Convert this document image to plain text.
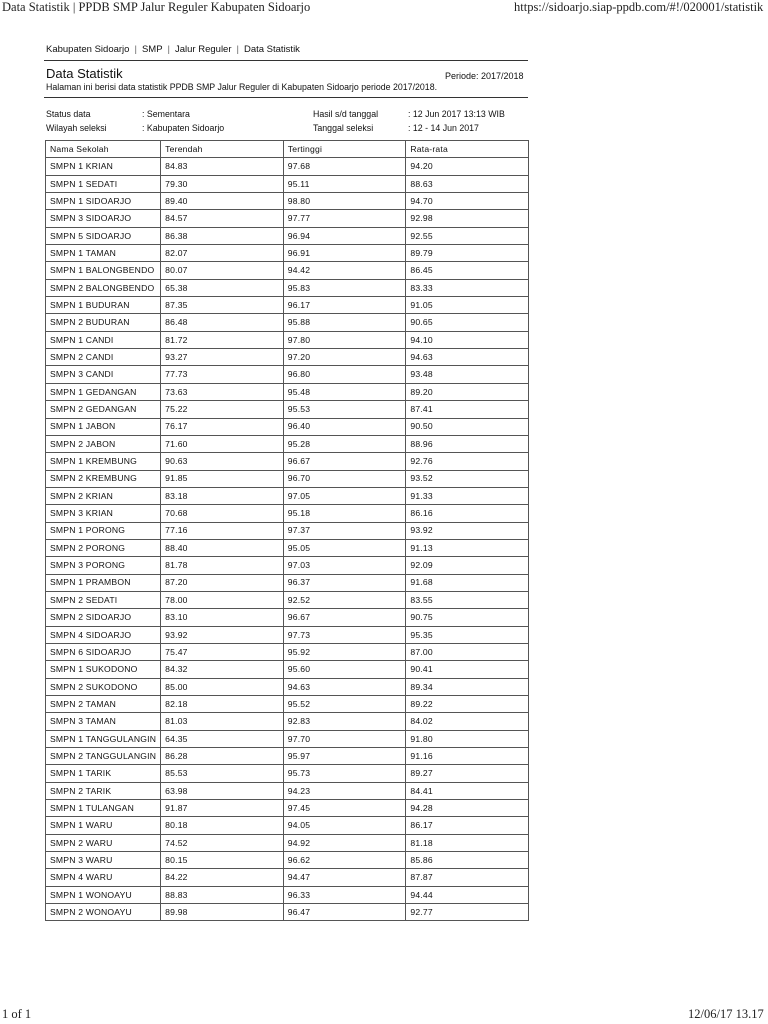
Data Statistik | PPDB SMP Jalur Reguler Kabupaten Sidoarjo	https://sidoarjo.siap-ppdb.com/#!/020001/statistik
Kabupaten Sidoarjo | SMP | Jalur Reguler | Data Statistik
Data Statistik	Periode: 2017/2018
Halaman ini berisi data statistik PPDB SMP Jalur Reguler di Kabupaten Sidoarjo periode 2017/2018.
Status data	: Sementara
Wilayah seleksi	: Kabupaten Sidoarjo
Hasil s/d tanggal	: 12 Jun 2017 13:13 WIB
Tanggal seleksi	: 12 - 14 Jun 2017
Nama Sekolah	Terendah	Tertinggi	Rata-rata
SMPN 1 KRIAN	84.83	97.68	94.20
SMPN 1 SEDATI	79.30	95.11	88.63
SMPN 1 SIDOARJO	89.40	98.80	94.70
SMPN 3 SIDOARJO	84.57	97.77	92.98
SMPN 5 SIDOARJO	86.38	96.94	92.55
SMPN 1 TAMAN	82.07	96.91	89.79
SMPN 1 BALONGBENDO	80.07	94.42	86.45
SMPN 2 BALONGBENDO	65.38	95.83	83.33
SMPN 1 BUDURAN	87.35	96.17	91.05
SMPN 2 BUDURAN	86.48	95.88	90.65
SMPN 1 CANDI	81.72	97.80	94.10
SMPN 2 CANDI	93.27	97.20	94.63
SMPN 3 CANDI	77.73	96.80	93.48
SMPN 1 GEDANGAN	73.63	95.48	89.20
SMPN 2 GEDANGAN	75.22	95.53	87.41
SMPN 1 JABON	76.17	96.40	90.50
SMPN 2 JABON	71.60	95.28	88.96
SMPN 1 KREMBUNG	90.63	96.67	92.76
SMPN 2 KREMBUNG	91.85	96.70	93.52
SMPN 2 KRIAN	83.18	97.05	91.33
SMPN 3 KRIAN	70.68	95.18	86.16
SMPN 1 PORONG	77.16	97.37	93.92
SMPN 2 PORONG	88.40	95.05	91.13
SMPN 3 PORONG	81.78	97.03	92.09
SMPN 1 PRAMBON	87.20	96.37	91.68
SMPN 2 SEDATI	78.00	92.52	83.55
SMPN 2 SIDOARJO	83.10	96.67	90.75
SMPN 4 SIDOARJO	93.92	97.73	95.35
SMPN 6 SIDOARJO	75.47	95.92	87.00
SMPN 1 SUKODONO	84.32	95.60	90.41
SMPN 2 SUKODONO	85.00	94.63	89.34
SMPN 2 TAMAN	82.18	95.52	89.22
SMPN 3 TAMAN	81.03	92.83	84.02
SMPN 1 TANGGULANGIN	64.35	97.70	91.80
SMPN 2 TANGGULANGIN	86.28	95.97	91.16
SMPN 1 TARIK	85.53	95.73	89.27
SMPN 2 TARIK	63.98	94.23	84.41
SMPN 1 TULANGAN	91.87	97.45	94.28
SMPN 1 WARU	80.18	94.05	86.17
SMPN 2 WARU	74.52	94.92	81.18
SMPN 3 WARU	80.15	96.62	85.86
SMPN 4 WARU	84.22	94.47	87.87
SMPN 1 WONOAYU	88.83	96.33	94.44
SMPN 2 WONOAYU	89.98	96.47	92.77
1 of 1	12/06/17 13.17
